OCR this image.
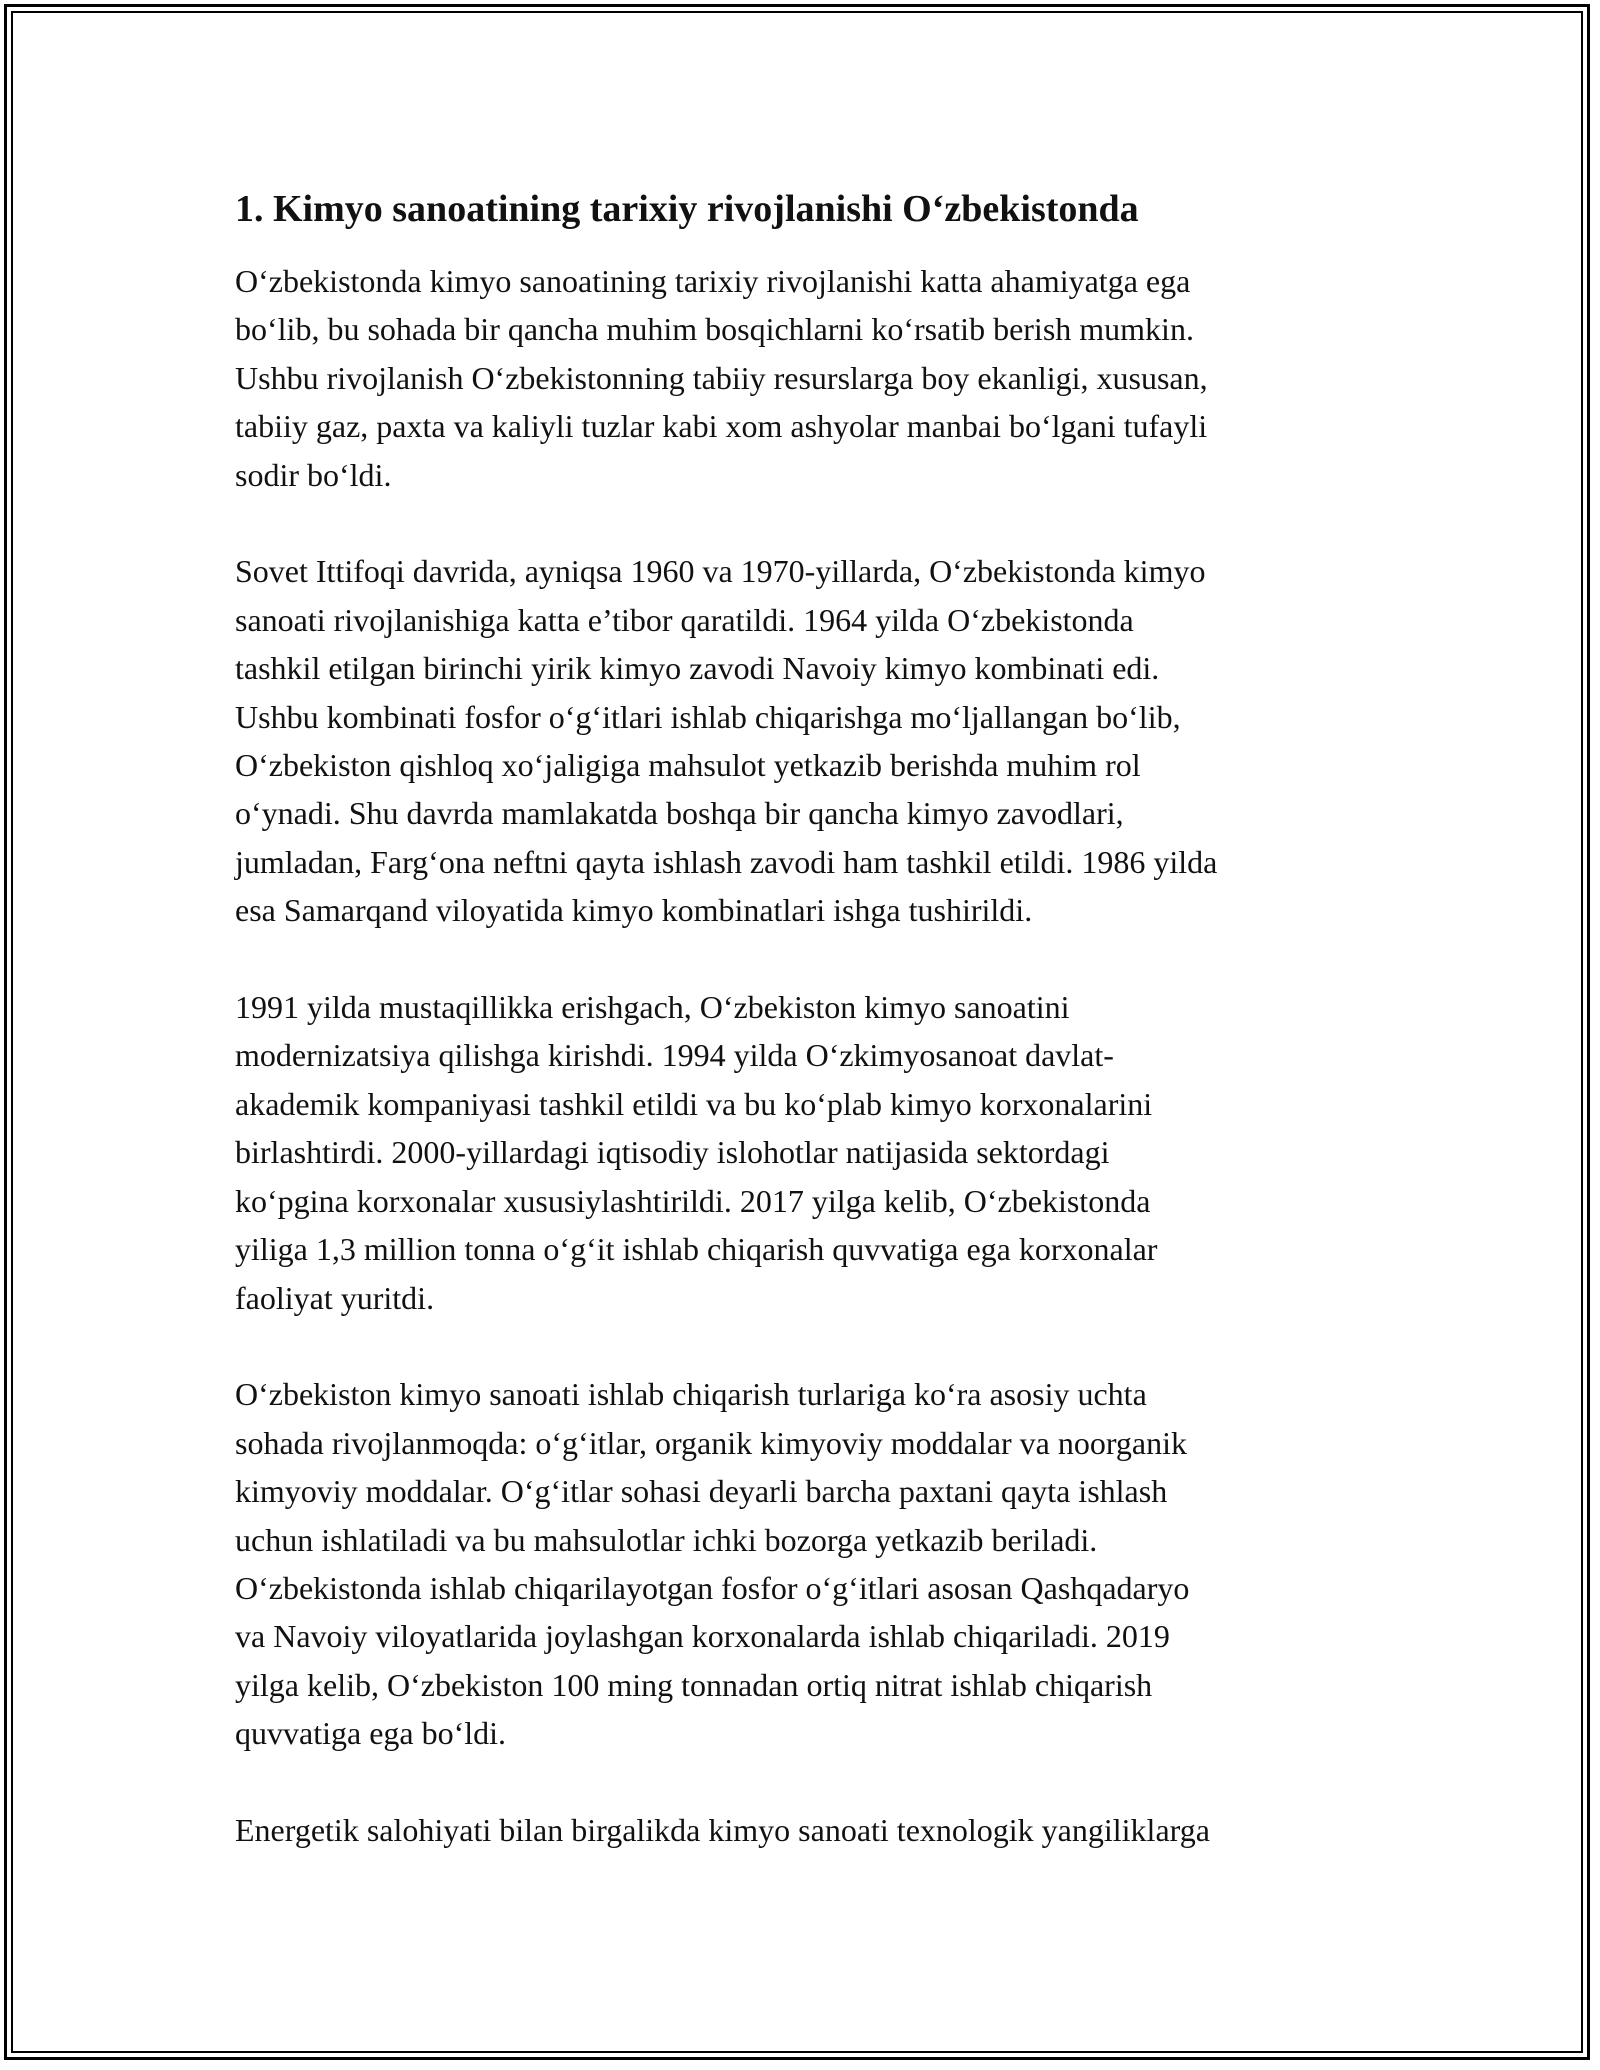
1. Kimyo sanoatining tarixiy rivojlanishi O‘zbekistonda

O‘zbekistonda kimyo sanoatining tarixiy rivojlanishi katta ahamiyatga ega
bo‘lib, bu sohada bir qancha muhim bosqichlarni ko‘rsatib berish mumkin.
Ushbu rivojlanish O‘zbekistonning tabiiy resurslarga boy ekanligi, xususan,
tabiiy gaz, paxta va kaliyli tuzlar kabi xom ashyolar manbai bo‘lgani tufayli
sodir bo‘ldi.

Sovet Ittifoqi davrida, ayniqsa 1960 va 1970-yillarda, O‘zbekistonda kimyo
sanoati rivojlanishiga katta e’tibor qaratildi. 1964 yilda O‘zbekistonda
tashkil etilgan birinchi yirik kimyo zavodi Navoiy kimyo kombinati edi.
Ushbu kombinati fosfor o‘g‘itlari ishlab chiqarishga mo‘ljallangan bo‘lib,
O‘zbekiston qishloq xo‘jaligiga mahsulot yetkazib berishda muhim rol
o‘ynadi. Shu davrda mamlakatda boshqa bir qancha kimyo zavodlari,
jumladan, Farg‘ona neftni qayta ishlash zavodi ham tashkil etildi. 1986 yilda
esa Samarqand viloyatida kimyo kombinatlari ishga tushirildi.

1991 yilda mustaqillikka erishgach, O‘zbekiston kimyo sanoatini
modernizatsiya qilishga kirishdi. 1994 yilda O‘zkimyosanoat davlat-
akademik kompaniyasi tashkil etildi va bu ko‘plab kimyo korxonalarini
birlashtirdi. 2000-yillardagi iqtisodiy islohotlar natijasida sektordagi
ko‘pgina korxonalar xususiylashtirildi. 2017 yilga kelib, O‘zbekistonda
yiliga 1,3 million tonna o‘g‘it ishlab chiqarish quvvatiga ega korxonalar
faoliyat yuritdi.

O‘zbekiston kimyo sanoati ishlab chiqarish turlariga ko‘ra asosiy uchta
sohada rivojlanmoqda: o‘g‘itlar, organik kimyoviy moddalar va noorganik
kimyoviy moddalar. O‘g‘itlar sohasi deyarli barcha paxtani qayta ishlash
uchun ishlatiladi va bu mahsulotlar ichki bozorga yetkazib beriladi.
O‘zbekistonda ishlab chiqarilayotgan fosfor o‘g‘itlari asosan Qashqadaryo
va Navoiy viloyatlarida joylashgan korxonalarda ishlab chiqariladi. 2019
yilga kelib, O‘zbekiston 100 ming tonnadan ortiq nitrat ishlab chiqarish
quvvatiga ega bo‘ldi.

Energetik salohiyati bilan birgalikda kimyo sanoati texnologik yangiliklarga
